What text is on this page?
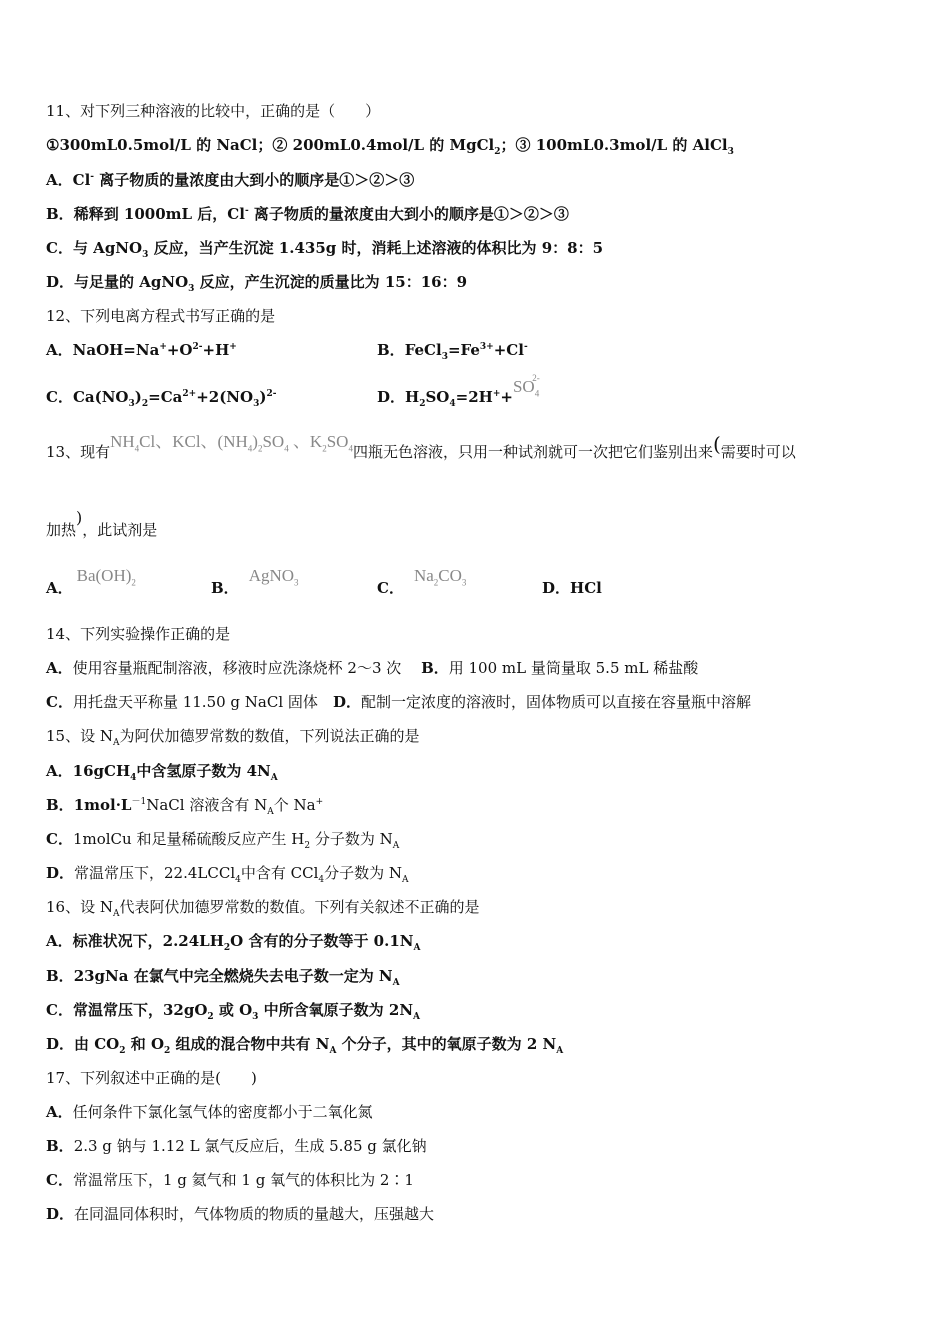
11、对下列三种溶液的比较中，正确的是（　　）
①300mL0.5mol/L 的 NaCl；② 200mL0.4mol/L 的 MgCl$_2$；③ 100mL0.3mol/L 的 AlCl$_3$
A．Cl- 离子物质的量浓度由大到小的顺序是①＞②＞③
B．稀释到 1000mL 后，Cl- 离子物质的量浓度由大到小的顺序是①＞②＞③
C．与 AgNO$_3$ 反应，当产生沉淀 1.435g 时，消耗上述溶液的体积比为 9：8：5
D．与足量的 AgNO$_3$ 反应，产生沉淀的质量比为 15：16：9
12、下列电离方程式书写正确的是
A．$NaOH=Na^++O^{2-}+H^+$	B．$FeCl_3=Fe^{3+}+Cl^-$
C．$Ca(NO_3)_2=Ca^{2+}+2(NO_3)^{2-}$	D．$H_2SO_4=2H^++SO_4^{2-}$
13、现有$NH_4Cl$、KCl、$(NH_4)_2SO_4$ 、$K_2SO_4$四瓶无色溶液，只用一种试剂就可一次把它们鉴别出来(需要时可以
加热)，此试剂是
A．$Ba(OH)_2$	B．AgNO$_3$	C．$Na_2CO_3$	D．HCl
14、下列实验操作正确的是
A．使用容量瓶配制溶液，移液时应洗涤烧杯 2～3 次　 B．用 100 mL 量筒量取 5.5 mL 稀盐酸
C．用托盘天平称量 11.50 g NaCl 固体　 D．配制一定浓度的溶液时，固体物质可以直接在容量瓶中溶解
15、设 $N_A$为阿伏加德罗常数的数值，下列说法正确的是
A．16gCH$_4$中含氢原子数为 $4N_A$
B．$1mol\cdot L^{-1}NaCl$ 溶液含有 $N_A$个 Na+
C．1molCu 和足量稀硫酸反应产生 $H_2$ 分子数为 $N_A$
D．常温常压下，22.4LCCl$_4$中含有 CCl$_4$分子数为 $N_A$
16、设 $N_A$代表阿伏加德罗常数的数值。下列有关叙述不正确的是
A．标准状况下，$2.24LH_2O$ 含有的分子数等于 $0.1N_A$
B．23gNa 在氯气中完全燃烧失去电子数一定为 $N_A$
C．常温常压下，$32gO_2$ 或 $O_3$ 中所含氧原子数为 $2N_A$
D．由 $CO_2$ 和 $O_2$ 组成的混合物中共有 $N_A$ 个分子，其中的氧原子数为 2 $N_A$
17、下列叙述中正确的是(　　)
A．任何条件下氯化氢气体的密度都小于二氧化氮
B．2.3 g 钠与 1.12 L 氯气反应后，生成 5.85 g 氯化钠
C．常温常压下，1 g 氦气和 1 g 氧气的体积比为 2∶1
D．在同温同体积时，气体物质的物质的量越大，压强越大
